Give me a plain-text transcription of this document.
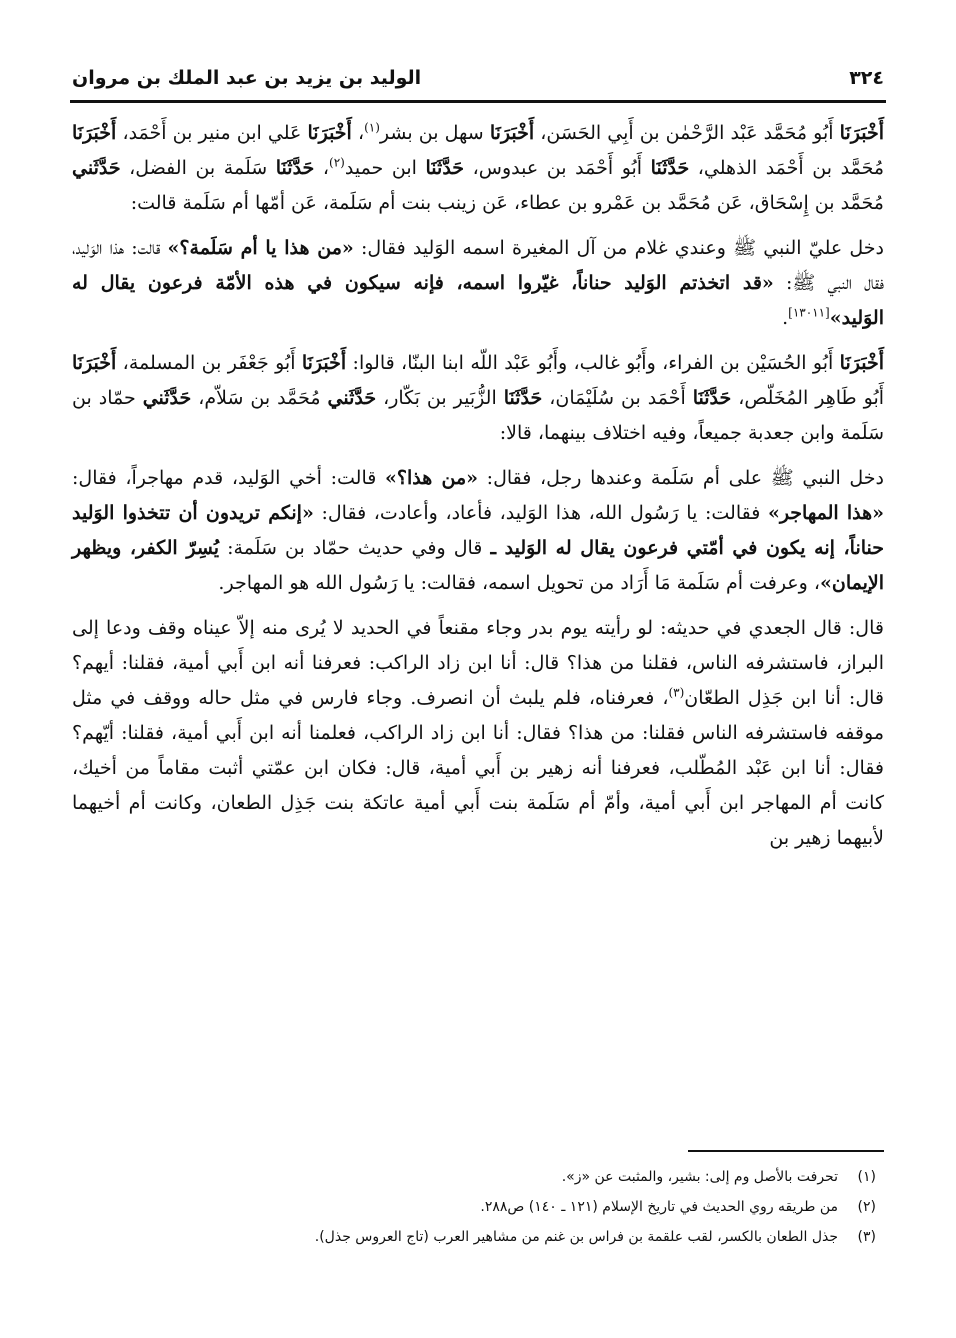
٣٢٤
الوليد بن يزيد بن عبد الملك بن مروان

أَخْبَرَنَا أَبُو مُحَمَّد عَبْد الرَّحْمٰن بن أَبِي الحَسَن، أَخْبَرَنَا سهل بن بشر$^{(١)}$، أَخْبَرَنَا عَلي ابن منير بن أَحْمَد، أَخْبَرَنَا مُحَمَّد بن أَحْمَد الذهلي، حَدَّثَنَا أَبُو أَحْمَد بن عبدوس، حَدَّثَنَا ابن حميد$^{(٢)}$، حَدَّثَنَا سَلَمة بن الفضل، حَدَّثَني مُحَمَّد بن إِسْحَاق، عَن مُحَمَّد بن عَمْرو بن عطاء، عَن زينب بنت أم سَلَمة، عَن أمّها أم سَلَمة قالت:

دخل عليّ النبي ﷺ وعندي غلام من آل المغيرة اسمه الوَليد فقال: «من هذا يا أم سَلَمة؟» قالت: هذا الوَليد، فقال النبي ﷺ: «قد اتخذتم الوَليد حناناً، غيّروا اسمه، فإنه سيكون في هذه الأمّة فرعون يقال له الوَليد»[١٣٠١١].

أَخْبَرَنَا أَبُو الحُسَيْن بن الفراء، وأَبُو غالب، وأَبُو عَبْد اللّه ابنا البنّا، قالوا: أَخْبَرَنَا أَبُو جَعْفَر بن المسلمة، أَخْبَرَنَا أَبُو طَاهِر المُخَلّص، حَدَّثَنَا أَحْمَد بن سُلَيْمَان، حَدَّثَنَا الزُّبَير بن بَكّار، حَدَّثَني مُحَمَّد بن سَلاّم، حَدَّثَني حمّاد بن سَلَمة وابن جعدبة جميعاً، وفيه اختلاف بينهما، قالا:

دخل النبي ﷺ على أم سَلَمة وعندها رجل، فقال: «من هذا؟» قالت: أخي الوَليد، قدم مهاجراً، فقال: «هذا المهاجر» فقالت: يا رَسُول الله، هذا الوَليد، فأعاد، وأعادت، فقال: «إنكم تريدون أن تتخذوا الوَليد حناناً، إنه يكون في أمّتي فرعون يقال له الوَليد ـ قال وفي حديث حمّاد بن سَلَمة: يُسِرّ الكفر، ويظهر الإيمان»، وعرفت أم سَلَمة مَا أَرَاد من تحويل اسمه، فقالت: يا رَسُول الله هو المهاجر.

قال: قال الجعدي في حديثه: لو رأيته يوم بدر وجاء مقنعاً في الحديد لا يُرى منه إلاّ عيناه وقف ودعا إلى البراز، فاستشرفه الناس، فقلنا من هذا؟ قال: أنا ابن زاد الراكب: فعرفنا أنه ابن أَبي أمية، فقلنا: أيهم؟ قال: أنا ابن جَذِل الطعّان$^{(٣)}$، فعرفناه، فلم يلبث أن انصرف. وجاء فارس في مثل حاله ووقف في مثل موقفه فاستشرفه الناس فقلنا: من هذا؟ فقال: أنا ابن زاد الراكب، فعلمنا أنه ابن أَبي أمية، فقلنا: أيّهم؟ فقال: أنا ابن عَبْد المُطّلب، فعرفنا أنه زهير بن أَبي أمية، قال: فكان ابن عمّتي أثبت مقاماً من أخيك، كانت أم المهاجر ابن أَبي أمية، وأمّ أم سَلَمة بنت أَبي أمية عاتكة بنت جَذِل الطعان، وكانت أم أخيهما لأبيهما زهير بن

(١)
تحرفت بالأصل وم إلى: بشير، والمثبت عن «ز».
(٢)
من طريقه روي الحديث في تاريخ الإسلام (١٢١ ـ ١٤٠) ص٢٨٨.
(٣)
جذل الطعان بالكسر، لقب علقمة بن فراس بن غنم من مشاهير العرب (تاج العروس جذل).
